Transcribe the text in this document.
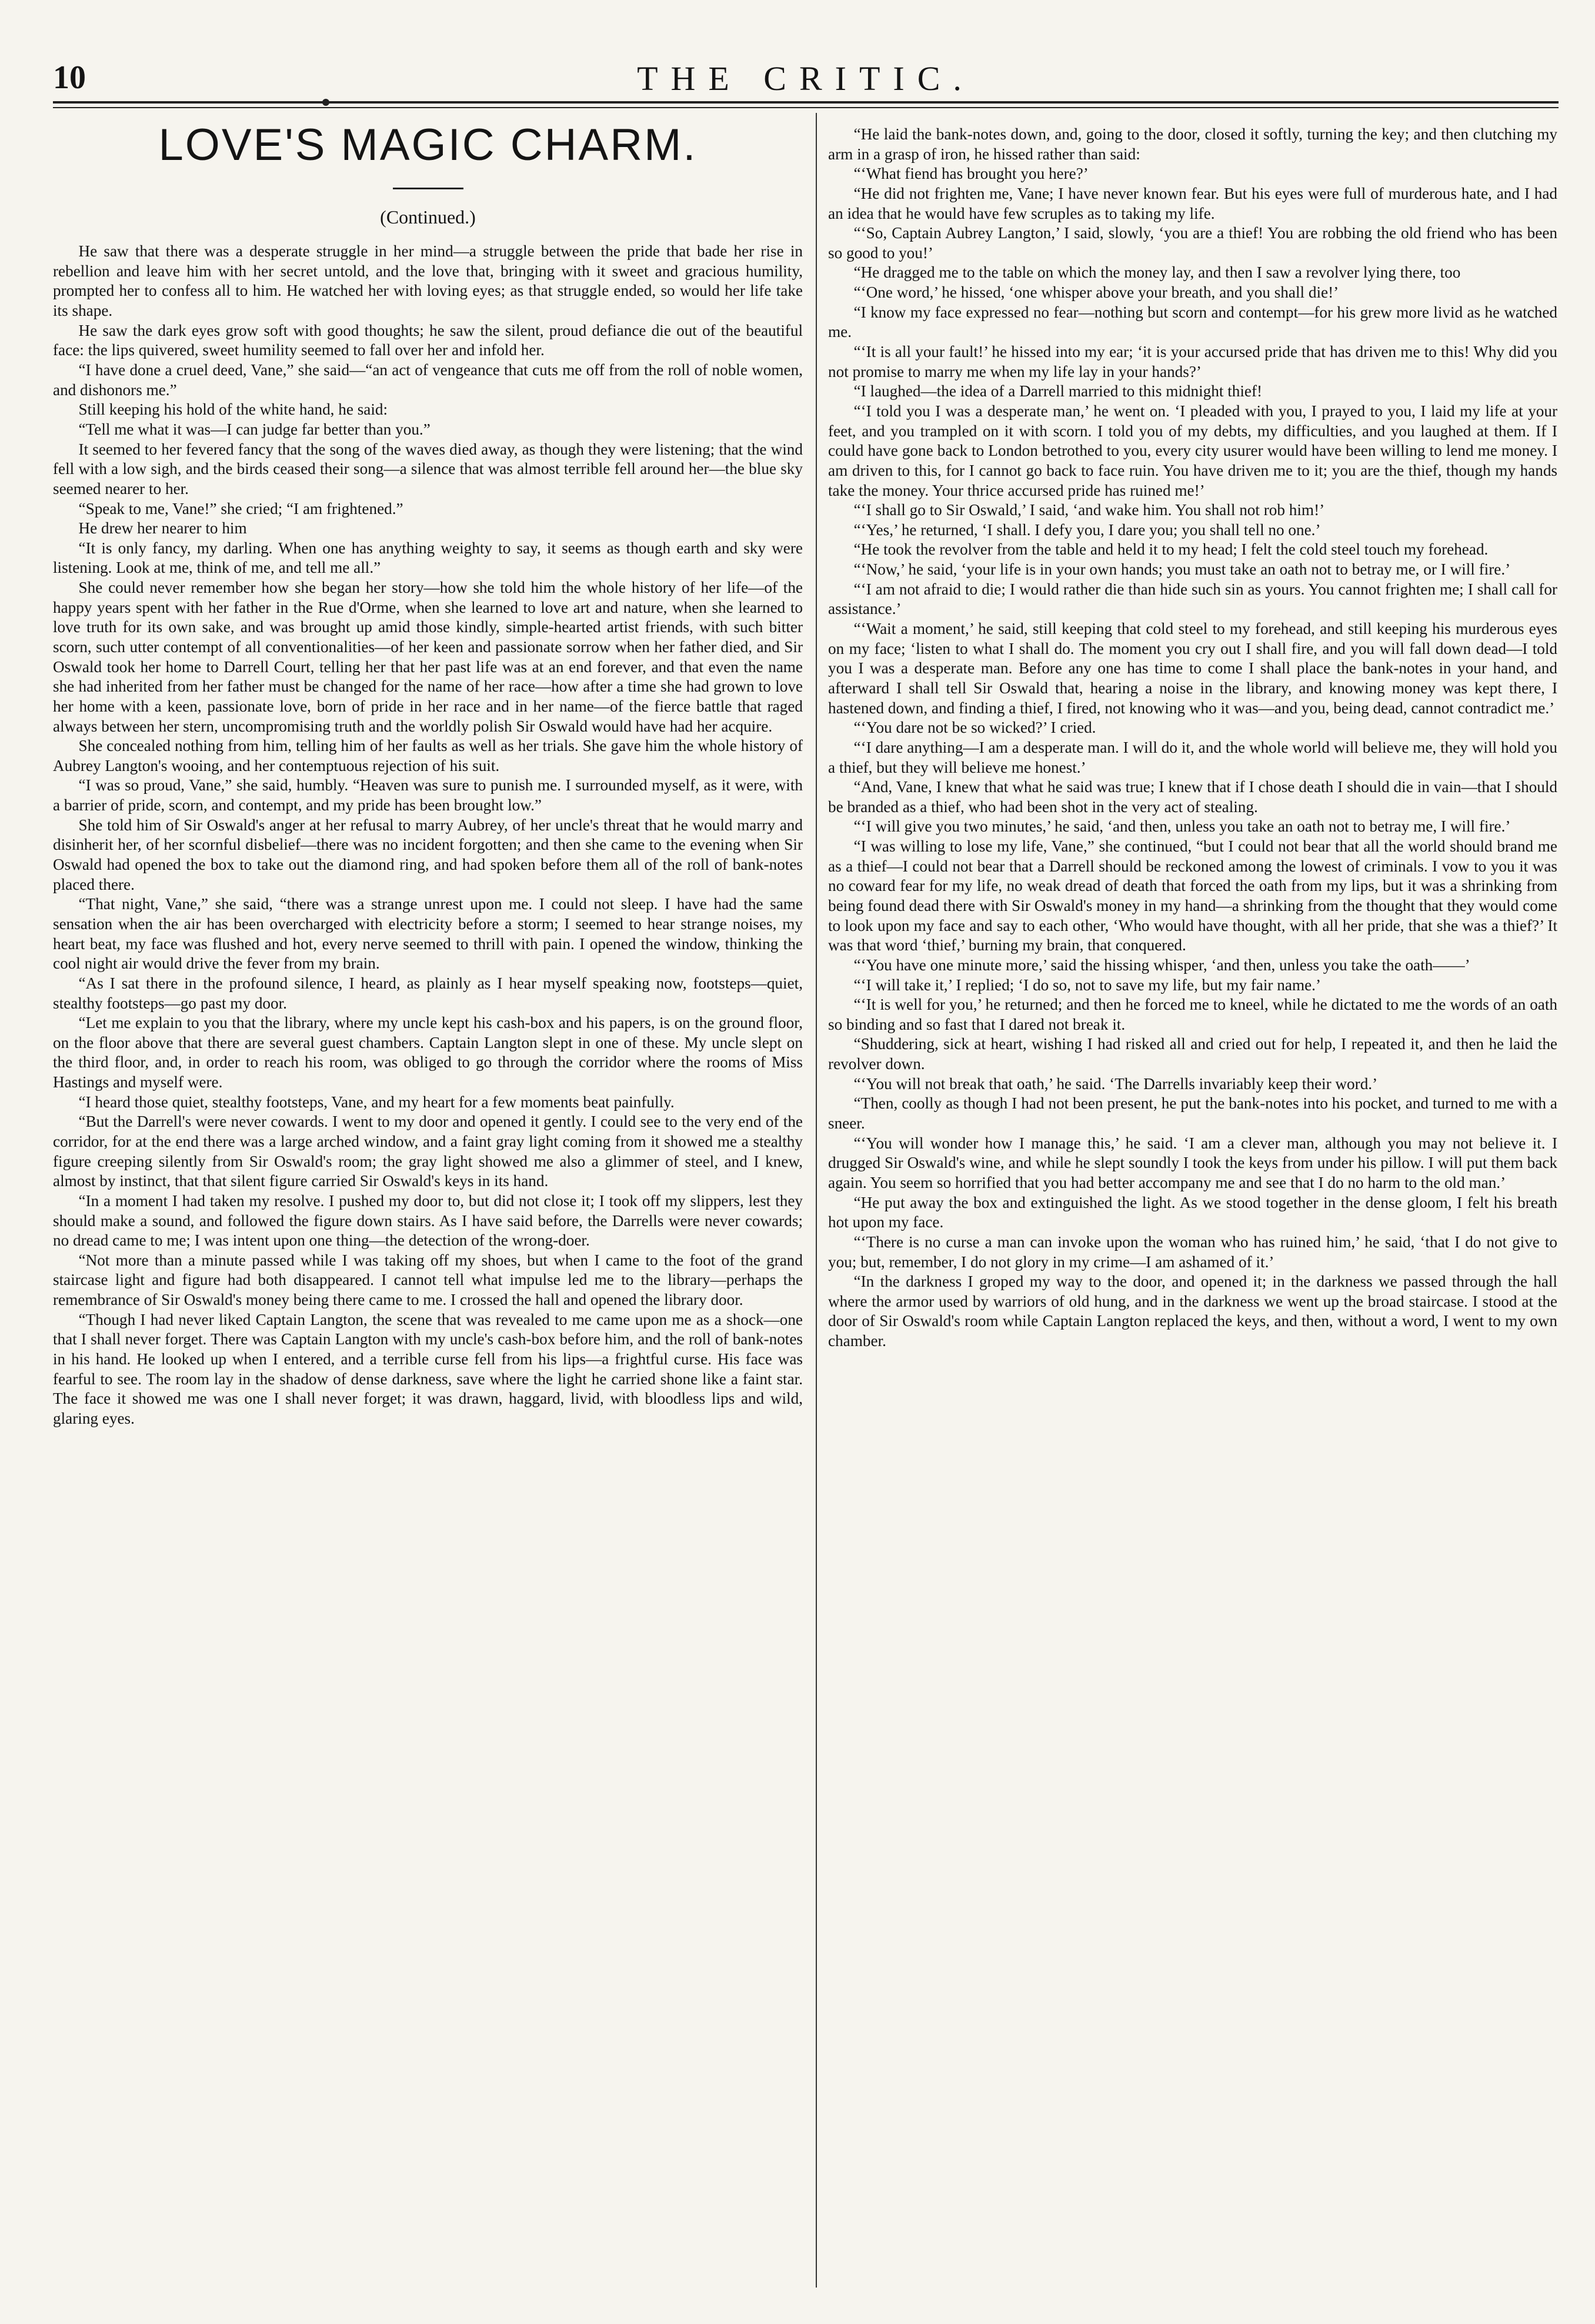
10	THE CRITIC.
LOVE'S MAGIC CHARM.
(Continued.)

He saw that there was a desperate struggle in her mind—a struggle between the pride that bade her rise in rebellion and leave him with her secret untold, and the love that, bringing with it sweet and gracious humility, prompted her to confess all to him. He watched her with loving eyes; as that struggle ended, so would her life take its shape.

He saw the dark eyes grow soft with good thoughts; he saw the silent, proud defiance die out of the beautiful face: the lips quivered, sweet humility seemed to fall over her and infold her.

“I have done a cruel deed, Vane,” she said—“an act of vengeance that cuts me off from the roll of noble women, and dishonors me.”

Still keeping his hold of the white hand, he said:

“Tell me what it was—I can judge far better than you.”

It seemed to her fevered fancy that the song of the waves died away, as though they were listening; that the wind fell with a low sigh, and the birds ceased their song—a silence that was almost terrible fell around her—the blue sky seemed nearer to her.

“Speak to me, Vane!” she cried; “I am frightened.”

He drew her nearer to him

“It is only fancy, my darling. When one has anything weighty to say, it seems as though earth and sky were listening. Look at me, think of me, and tell me all.”

She could never remember how she began her story—how she told him the whole history of her life—of the happy years spent with her father in the Rue d'Orme, when she learned to love art and nature, when she learned to love truth for its own sake, and was brought up amid those kindly, simple-hearted artist friends, with such bitter scorn, such utter contempt of all conventionalities—of her keen and passionate sorrow when her father died, and Sir Oswald took her home to Darrell Court, telling her that her past life was at an end forever, and that even the name she had inherited from her father must be changed for the name of her race—how after a time she had grown to love her home with a keen, passionate love, born of pride in her race and in her name—of the fierce battle that raged always between her stern, uncompromising truth and the worldly polish Sir Oswald would have had her acquire.

She concealed nothing from him, telling him of her faults as well as her trials. She gave him the whole history of Aubrey Langton's wooing, and her contemptuous rejection of his suit.

“I was so proud, Vane,” she said, humbly. “Heaven was sure to punish me. I surrounded myself, as it were, with a barrier of pride, scorn, and contempt, and my pride has been brought low.”

She told him of Sir Oswald's anger at her refusal to marry Aubrey, of her uncle's threat that he would marry and disinherit her, of her scornful disbelief—there was no incident forgotten; and then she came to the evening when Sir Oswald had opened the box to take out the diamond ring, and had spoken before them all of the roll of bank-notes placed there.

“That night, Vane,” she said, “there was a strange unrest upon me. I could not sleep. I have had the same sensation when the air has been overcharged with electricity before a storm; I seemed to hear strange noises, my heart beat, my face was flushed and hot, every nerve seemed to thrill with pain. I opened the window, thinking the cool night air would drive the fever from my brain.

“As I sat there in the profound silence, I heard, as plainly as I hear myself speaking now, footsteps—quiet, stealthy footsteps—go past my door.

“Let me explain to you that the library, where my uncle kept his cash-box and his papers, is on the ground floor, on the floor above that there are several guest chambers. Captain Langton slept in one of these. My uncle slept on the third floor, and, in order to reach his room, was obliged to go through the corridor where the rooms of Miss Hastings and myself were.

“I heard those quiet, stealthy footsteps, Vane, and my heart for a few moments beat painfully.

“But the Darrell's were never cowards. I went to my door and opened it gently. I could see to the very end of the corridor, for at the end there was a large arched window, and a faint gray light coming from it showed me a stealthy figure creeping silently from Sir Oswald's room; the gray light showed me also a glimmer of steel, and I knew, almost by instinct, that that silent figure carried Sir Oswald's keys in its hand.

“In a moment I had taken my resolve. I pushed my door to, but did not close it; I took off my slippers, lest they should make a sound, and followed the figure down stairs. As I have said before, the Darrells were never cowards; no dread came to me; I was intent upon one thing—the detection of the wrong-doer.

“Not more than a minute passed while I was taking off my shoes, but when I came to the foot of the grand staircase light and figure had both disappeared. I cannot tell what impulse led me to the library—perhaps the remembrance of Sir Oswald's money being there came to me. I crossed the hall and opened the library door.

“Though I had never liked Captain Langton, the scene that was revealed to me came upon me as a shock—one that I shall never forget. There was Captain Langton with my uncle's cash-box before him, and the roll of bank-notes in his hand. He looked up when I entered, and a terrible curse fell from his lips—a frightful curse. His face was fearful to see. The room lay in the shadow of dense darkness, save where the light he carried shone like a faint star. The face it showed me was one I shall never forget; it was drawn, haggard, livid, with bloodless lips and wild, glaring eyes.

“He laid the bank-notes down, and, going to the door, closed it softly, turning the key; and then clutching my arm in a grasp of iron, he hissed rather than said:

“‘What fiend has brought you here?’

“He did not frighten me, Vane; I have never known fear. But his eyes were full of murderous hate, and I had an idea that he would have few scruples as to taking my life.

“‘So, Captain Aubrey Langton,’ I said, slowly, ‘you are a thief! You are robbing the old friend who has been so good to you!’

“He dragged me to the table on which the money lay, and then I saw a revolver lying there, too

“‘One word,’ he hissed, ‘one whisper above your breath, and you shall die!’

“I know my face expressed no fear—nothing but scorn and contempt—for his grew more livid as he watched me.

“‘It is all your fault!’ he hissed into my ear; ‘it is your accursed pride that has driven me to this! Why did you not promise to marry me when my life lay in your hands?’

“I laughed—the idea of a Darrell married to this midnight thief!

“‘I told you I was a desperate man,’ he went on. ‘I pleaded with you, I prayed to you, I laid my life at your feet, and you trampled on it with scorn. I told you of my debts, my difficulties, and you laughed at them. If I could have gone back to London betrothed to you, every city usurer would have been willing to lend me money. I am driven to this, for I cannot go back to face ruin. You have driven me to it; you are the thief, though my hands take the money. Your thrice accursed pride has ruined me!’

“‘I shall go to Sir Oswald,’ I said, ‘and wake him. You shall not rob him!’

“‘Yes,’ he returned, ‘I shall. I defy you, I dare you; you shall tell no one.’

“He took the revolver from the table and held it to my head; I felt the cold steel touch my forehead.

“‘Now,’ he said, ‘your life is in your own hands; you must take an oath not to betray me, or I will fire.’

“‘I am not afraid to die; I would rather die than hide such sin as yours. You cannot frighten me; I shall call for assistance.’

“‘Wait a moment,’ he said, still keeping that cold steel to my forehead, and still keeping his murderous eyes on my face; ‘listen to what I shall do. The moment you cry out I shall fire, and you will fall down dead—I told you I was a desperate man. Before any one has time to come I shall place the bank-notes in your hand, and afterward I shall tell Sir Oswald that, hearing a noise in the library, and knowing money was kept there, I hastened down, and finding a thief, I fired, not knowing who it was—and you, being dead, cannot contradict me.’

“‘You dare not be so wicked?’ I cried.

“‘I dare anything—I am a desperate man. I will do it, and the whole world will believe me, they will hold you a thief, but they will believe me honest.’

“And, Vane, I knew that what he said was true; I knew that if I chose death I should die in vain—that I should be branded as a thief, who had been shot in the very act of stealing.

“‘I will give you two minutes,’ he said, ‘and then, unless you take an oath not to betray me, I will fire.’

“I was willing to lose my life, Vane,” she continued, “but I could not bear that all the world should brand me as a thief—I could not bear that a Darrell should be reckoned among the lowest of criminals. I vow to you it was no coward fear for my life, no weak dread of death that forced the oath from my lips, but it was a shrinking from being found dead there with Sir Oswald's money in my hand—a shrinking from the thought that they would come to look upon my face and say to each other, ‘Who would have thought, with all her pride, that she was a thief?’ It was that word ‘thief,’ burning my brain, that conquered.

“‘You have one minute more,’ said the hissing whisper, ‘and then, unless you take the oath——’

“‘I will take it,’ I replied; ‘I do so, not to save my life, but my fair name.’

“‘It is well for you,’ he returned; and then he forced me to kneel, while he dictated to me the words of an oath so binding and so fast that I dared not break it.

“Shuddering, sick at heart, wishing I had risked all and cried out for help, I repeated it, and then he laid the revolver down.

“‘You will not break that oath,’ he said. ‘The Darrells invariably keep their word.’

“Then, coolly as though I had not been present, he put the bank-notes into his pocket, and turned to me with a sneer.

“‘You will wonder how I manage this,’ he said. ‘I am a clever man, although you may not believe it. I drugged Sir Oswald's wine, and while he slept soundly I took the keys from under his pillow. I will put them back again. You seem so horrified that you had better accompany me and see that I do no harm to the old man.’

“He put away the box and extinguished the light. As we stood together in the dense gloom, I felt his breath hot upon my face.

“‘There is no curse a man can invoke upon the woman who has ruined him,’ he said, ‘that I do not give to you; but, remember, I do not glory in my crime—I am ashamed of it.’

“In the darkness I groped my way to the door, and opened it; in the darkness we passed through the hall where the armor used by warriors of old hung, and in the darkness we went up the broad staircase. I stood at the door of Sir Oswald's room while Captain Langton replaced the keys, and then, without a word, I went to my own chamber.
